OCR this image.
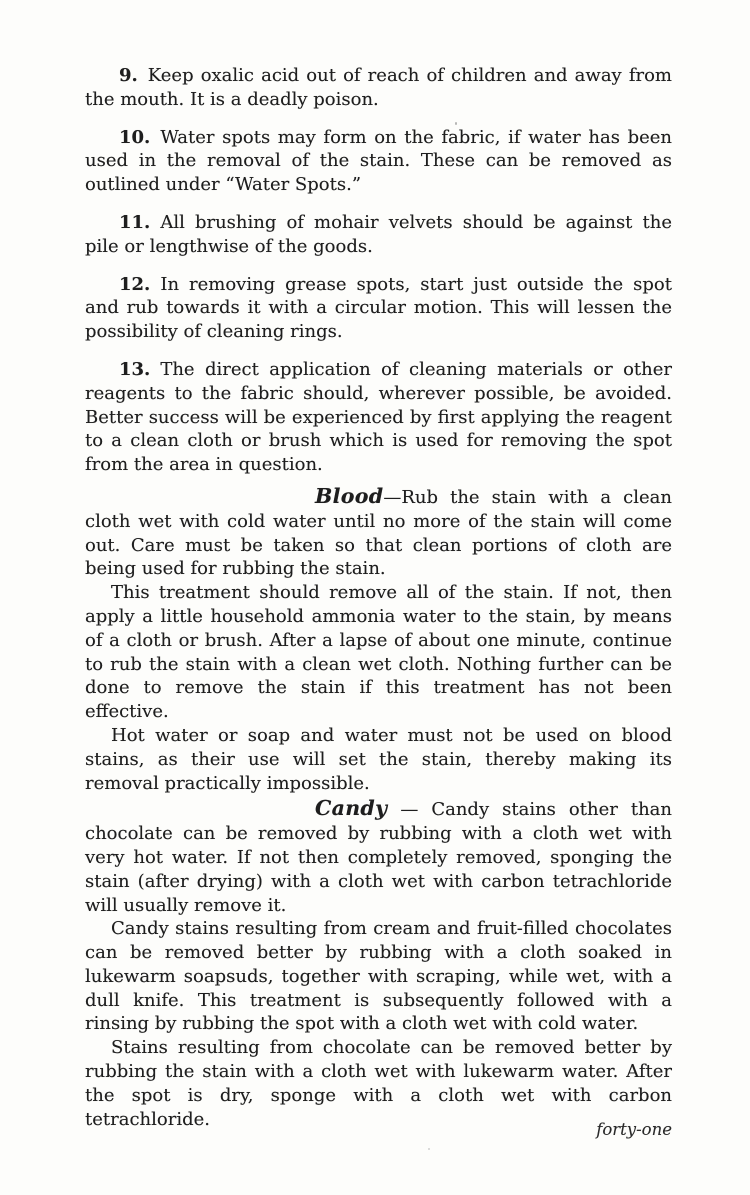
9. Keep oxalic acid out of reach of children and away from the mouth. It is a deadly poison.

10. Water spots may form on the fabric, if water has been used in the removal of the stain. These can be removed as outlined under “Water Spots.”

11. All brushing of mohair velvets should be against the pile or lengthwise of the goods.

12. In removing grease spots, start just outside the spot and rub towards it with a circular motion. This will lessen the possibility of cleaning rings.

13. The direct application of cleaning materials or other reagents to the fabric should, wherever possible, be avoided. Better success will be experienced by first applying the reagent to a clean cloth or brush which is used for removing the spot from the area in question.

Blood—Rub the stain with a clean cloth wet with cold water until no more of the stain will come out. Care must be taken so that clean portions of cloth are being used for rubbing the stain.

This treatment should remove all of the stain. If not, then apply a little household ammonia water to the stain, by means of a cloth or brush. After a lapse of about one minute, continue to rub the stain with a clean wet cloth. Nothing further can be done to remove the stain if this treatment has not been effective.

Hot water or soap and water must not be used on blood stains, as their use will set the stain, thereby making its removal practically impossible.

Candy — Candy stains other than chocolate can be removed by rubbing with a cloth wet with very hot water. If not then completely removed, sponging the stain (after drying) with a cloth wet with carbon tetrachloride will usually remove it.

Candy stains resulting from cream and fruit-filled chocolates can be removed better by rubbing with a cloth soaked in lukewarm soapsuds, together with scraping, while wet, with a dull knife. This treatment is subsequently followed with a rinsing by rubbing the spot with a cloth wet with cold water.

Stains resulting from chocolate can be removed better by rubbing the stain with a cloth wet with lukewarm water. After the spot is dry, sponge with a cloth wet with carbon tetrachloride.	forty-one
